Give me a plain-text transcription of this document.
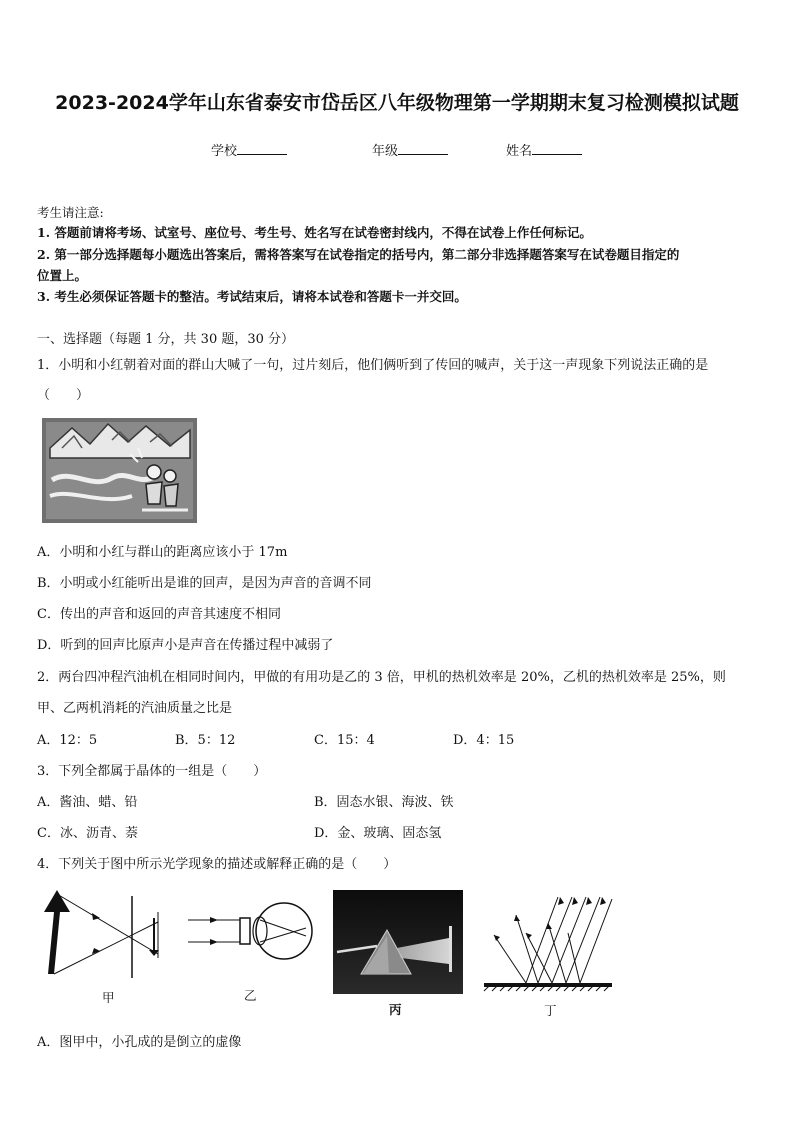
2023-2024学年山东省泰安市岱岳区八年级物理第一学期期末复习检测模拟试题
学校	年级	姓名
考生请注意:
1. 答题前请将考场、试室号、座位号、考生号、姓名写在试卷密封线内，不得在试卷上作任何标记。
2. 第一部分选择题每小题选出答案后，需将答案写在试卷指定的括号内，第二部分非选择题答案写在试卷题目指定的
位置上。
3. 考生必须保证答题卡的整洁。考试结束后，请将本试卷和答题卡一并交回。
一、选择题（每题 1 分，共 30 题，30 分）
1．小明和小红朝着对面的群山大喊了一句，过片刻后，他们俩听到了传回的喊声，关于这一声现象下列说法正确的是
（　　）
A．小明和小红与群山的距离应该小于 17m
B．小明或小红能听出是谁的回声，是因为声音的音调不同
C．传出的声音和返回的声音其速度不相同
D．听到的回声比原声小是声音在传播过程中减弱了
2．两台四冲程汽油机在相同时间内，甲做的有用功是乙的 3 倍，甲机的热机效率是 20%，乙机的热机效率是 25%，则
甲、乙两机消耗的汽油质量之比是
A．12：5	B．5：12	C．15：4	D．4：15
3．下列全都属于晶体的一组是（　　）
A．酱油、蜡、铅	B．固态水银、海波、铁
C．冰、沥青、萘	D．金、玻璃、固态氢
4．下列关于图中所示光学现象的描述或解释正确的是（　　）
甲	乙
丙	丁
A．图甲中，小孔成的是倒立的虚像
